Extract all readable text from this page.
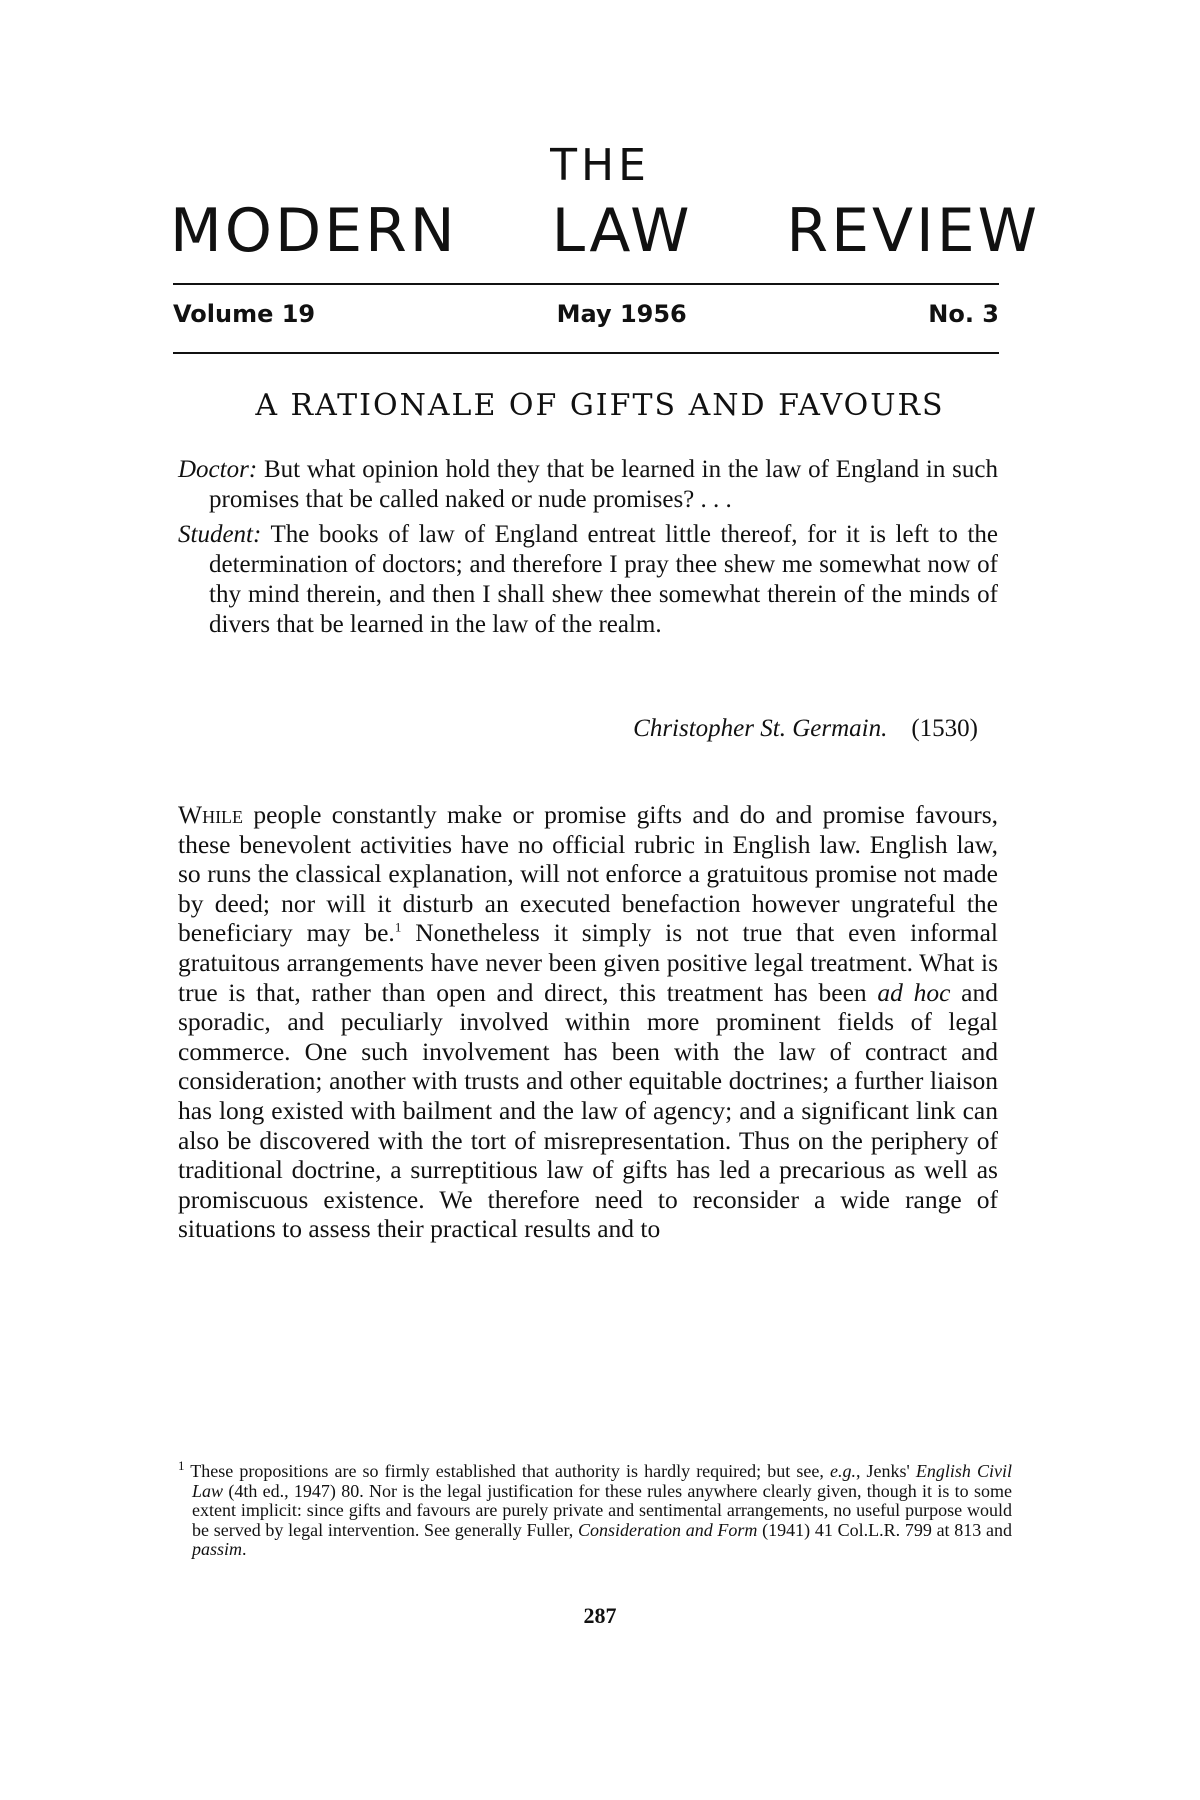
THE
MODERN LAW REVIEW
Volume 19	May 1956	No. 3
A RATIONALE OF GIFTS AND FAVOURS

Doctor: But what opinion hold they that be learned in the law of England in such promises that be called naked or nude promises? . . .

Student: The books of law of England entreat little thereof, for it is left to the determination of doctors; and therefore I pray thee shew me somewhat now of thy mind therein, and then I shall shew thee somewhat therein of the minds of divers that be learned in the law of the realm.

Christopher St. Germain. (1530)

While people constantly make or promise gifts and do and promise favours, these benevolent activities have no official rubric in English law. English law, so runs the classical explanation, will not enforce a gratuitous promise not made by deed; nor will it disturb an executed benefaction however ungrateful the beneficiary may be.$^1$ Nonetheless it simply is not true that even informal gratuitous arrangements have never been given positive legal treatment. What is true is that, rather than open and direct, this treatment has been ad hoc and sporadic, and peculiarly involved within more prominent fields of legal commerce. One such involvement has been with the law of contract and consideration; another with trusts and other equitable doctrines; a further liaison has long existed with bailment and the law of agency; and a significant link can also be discovered with the tort of misrepresentation. Thus on the periphery of traditional doctrine, a surreptitious law of gifts has led a precarious as well as promiscuous existence. We therefore need to reconsider a wide range of situations to assess their practical results and to

$^1$ These propositions are so firmly established that authority is hardly required; but see, e.g., Jenks' English Civil Law (4th ed., 1947) 80. Nor is the legal justification for these rules anywhere clearly given, though it is to some extent implicit: since gifts and favours are purely private and sentimental arrangements, no useful purpose would be served by legal intervention. See generally Fuller, Consideration and Form (1941) 41 Col.L.R. 799 at 813 and passim.

287
